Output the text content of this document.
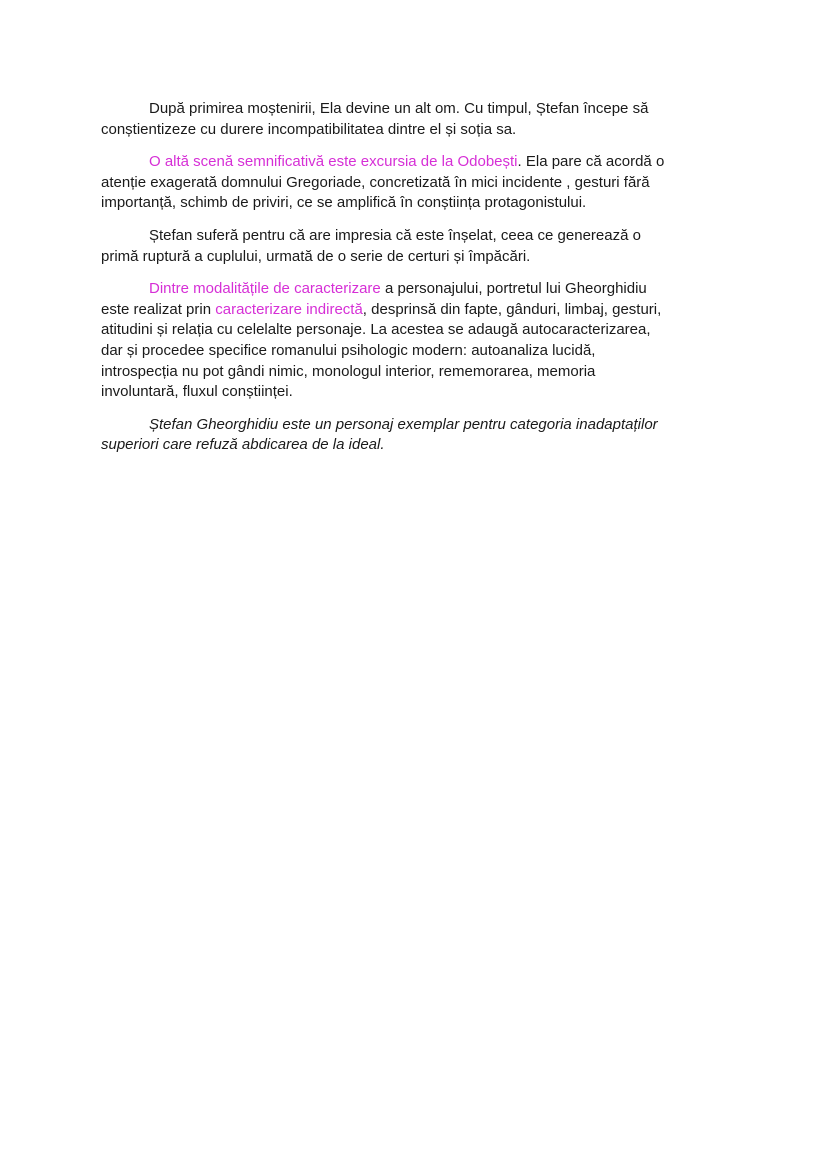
După primirea moștenirii, Ela devine un alt om. Cu timpul, Ștefan începe să
conștientizeze cu durere incompatibilitatea dintre el și soția sa.

O altă scenă semnificativă este excursia de la Odobești. Ela pare că acordă o
atenție exagerată domnului Gregoriade, concretizată în mici incidente , gesturi fără
importanță, schimb de priviri, ce se amplifică în conștiința protagonistului.

Ștefan suferă pentru că are impresia că este înșelat, ceea ce generează o
primă ruptură a cuplului, urmată de o serie de certuri și împăcări.

Dintre modalitățile de caracterizare a personajului, portretul lui Gheorghidiu
este realizat prin caracterizare indirectă, desprinsă din fapte, gânduri, limbaj, gesturi,
atitudini și relația cu celelalte personaje. La acestea se adaugă autocaracterizarea,
dar și procedee specifice romanului psihologic modern: autoanaliza lucidă,
introspecția nu pot gândi nimic, monologul interior, rememorarea, memoria
involuntară, fluxul conștiinței.

Ștefan Gheorghidiu este un personaj exemplar pentru categoria inadaptaților
superiori care refuză abdicarea de la ideal.
